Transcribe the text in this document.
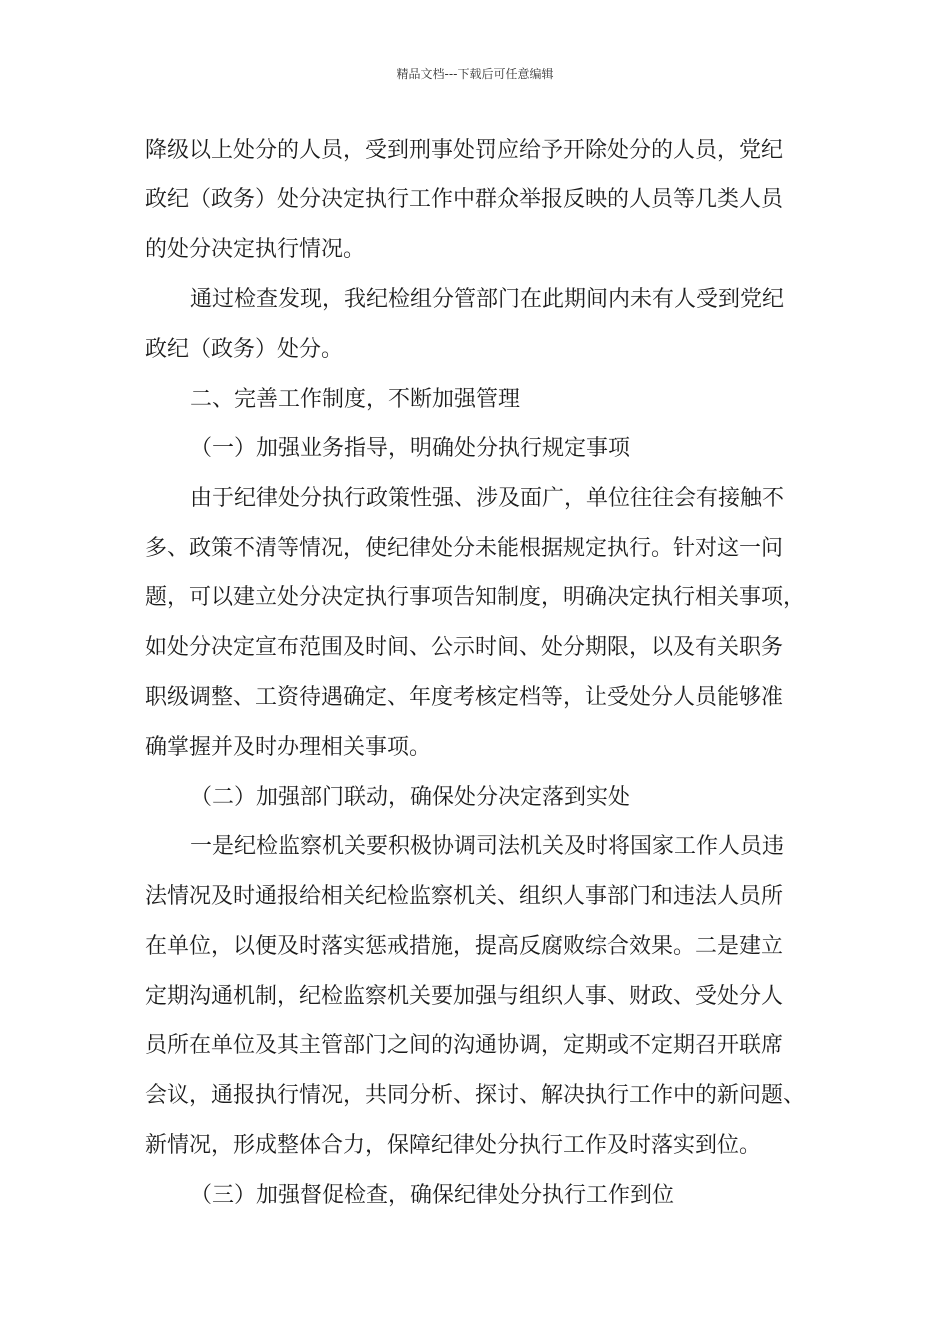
精品文档---下载后可任意编辑
降级以上处分的人员，受到刑事处罚应给予开除处分的人员，党纪
政纪（政务）处分决定执行工作中群众举报反映的人员等几类人员
的处分决定执行情况。
通过检查发现，我纪检组分管部门在此期间内未有人受到党纪
政纪（政务）处分。
二、完善工作制度，不断加强管理
（一）加强业务指导，明确处分执行规定事项
由于纪律处分执行政策性强、涉及面广，单位往往会有接触不
多、政策不清等情况，使纪律处分未能根据规定执行。针对这一问
题，可以建立处分决定执行事项告知制度，明确决定执行相关事项，
如处分决定宣布范围及时间、公示时间、处分期限，以及有关职务
职级调整、工资待遇确定、年度考核定档等，让受处分人员能够准
确掌握并及时办理相关事项。
（二）加强部门联动，确保处分决定落到实处
一是纪检监察机关要积极协调司法机关及时将国家工作人员违
法情况及时通报给相关纪检监察机关、组织人事部门和违法人员所
在单位，以便及时落实惩戒措施，提高反腐败综合效果。二是建立
定期沟通机制，纪检监察机关要加强与组织人事、财政、受处分人
员所在单位及其主管部门之间的沟通协调，定期或不定期召开联席
会议，通报执行情况，共同分析、探讨、解决执行工作中的新问题、
新情况，形成整体合力，保障纪律处分执行工作及时落实到位。
（三）加强督促检查，确保纪律处分执行工作到位
